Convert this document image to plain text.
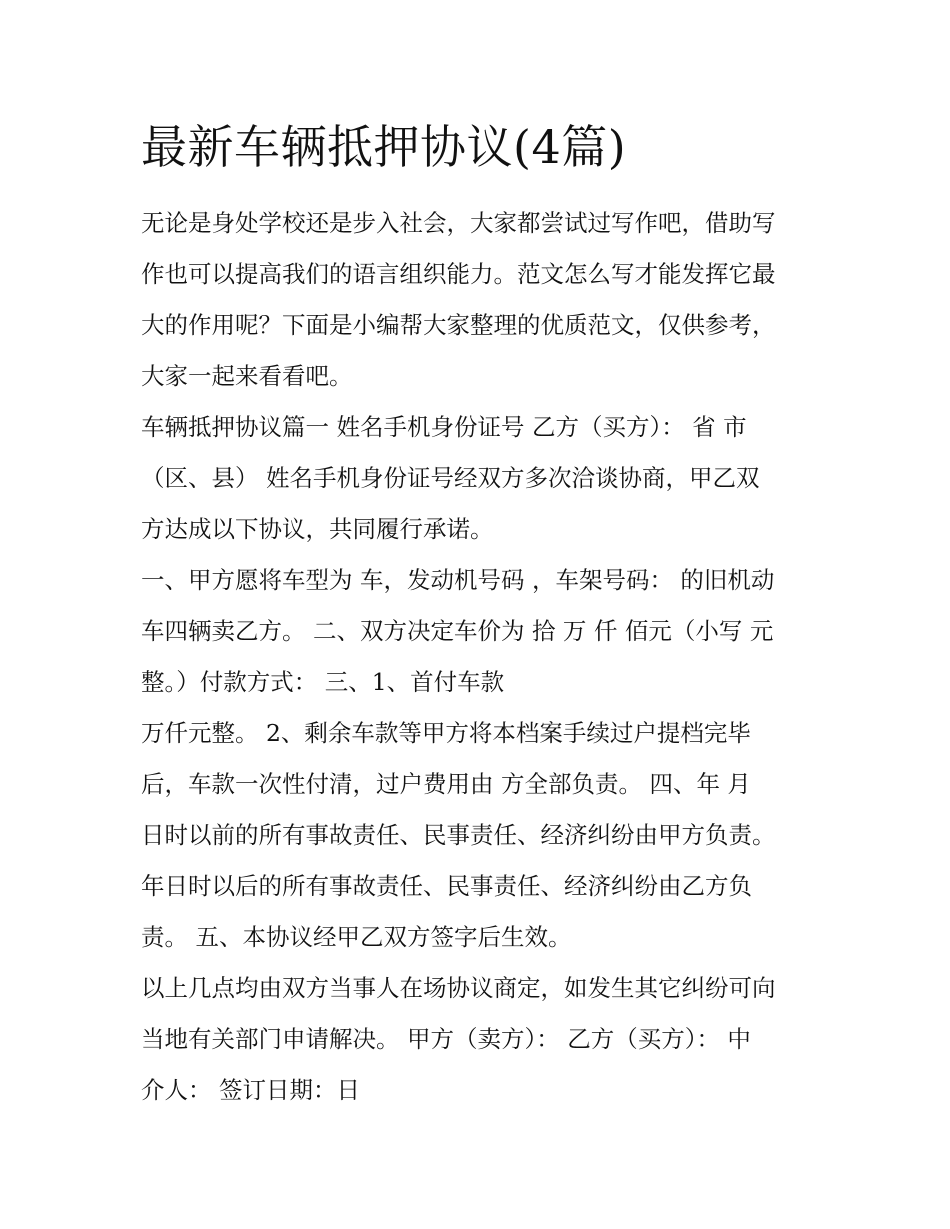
最新车辆抵押协议(4篇)

无论是身处学校还是步入社会，大家都尝试过写作吧，借助写

作也可以提高我们的语言组织能力。范文怎么写才能发挥它最

大的作用呢？下面是小编帮大家整理的优质范文，仅供参考，

大家一起来看看吧。

车辆抵押协议篇一 姓名手机身份证号 乙方（买方）： 省 市

（区、县） 姓名手机身份证号经双方多次洽谈协商，甲乙双

方达成以下协议，共同履行承诺。

一、甲方愿将车型为 车，发动机号码 ，车架号码： 的旧机动

车四辆卖乙方。 二、双方决定车价为 拾 万 仟 佰元（小写 元

整。）付款方式： 三、1、首付车款

万仟元整。 2、剩余车款等甲方将本档案手续过户提档完毕

后，车款一次性付清，过户费用由 方全部负责。 四、年 月

日时以前的所有事故责任、民事责任、经济纠纷由甲方负责。

年日时以后的所有事故责任、民事责任、经济纠纷由乙方负

责。 五、本协议经甲乙双方签字后生效。

以上几点均由双方当事人在场协议商定，如发生其它纠纷可向

当地有关部门申请解决。 甲方（卖方）： 乙方（买方）： 中

介人： 签订日期：日
